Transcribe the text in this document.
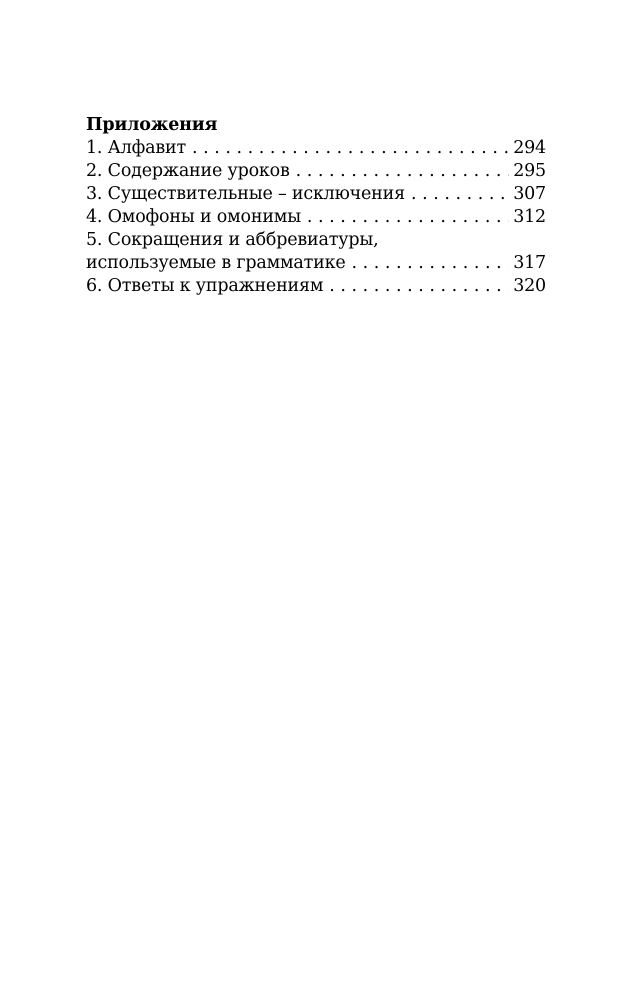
Приложения
1. Алфавит . . .	294
2. Содержание уроков . . .	295
3. Существительные – исключения . . .	307
4. Омофоны и омонимы . . .	312
5. Сокращения и аббревиатуры,
используемые в грамматике . . .	317
6. Ответы к упражнениям . . .	320
